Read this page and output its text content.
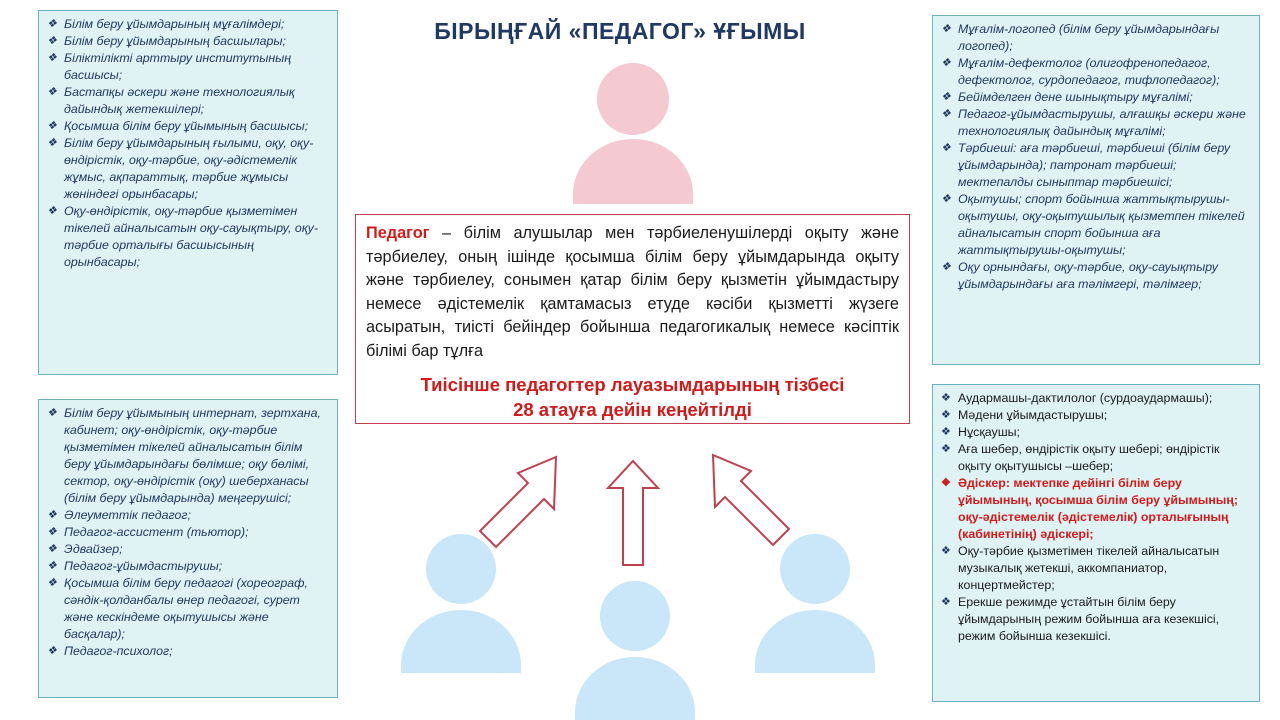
БІРЫҢҒАЙ «ПЕДАГОГ» ҰҒЫМЫ
❖ Білім беру ұйымдарының мұғалімдері;
❖ Білім беру ұйымдарының басшылары;
❖ Біліктілікті арттыру институтының басшысы;
❖ Бастапқы әскери және технологиялық дайындық жетекшілері;
❖ Қосымша білім беру ұйымының басшысы;
❖ Білім беру ұйымдарының ғылыми, оқу, оқу-өндірістік, оқу-тәрбие, оқу-әдістемелік жұмыс, ақпараттық, тәрбие жұмысы жөніндегі орынбасары;
❖ Оқу-өндірістік, оқу-тәрбие қызметімен тікелей айналысатын оқу-сауықтыру, оқу-тәрбие орталығы басшысының орынбасары;
❖ Білім беру ұйымының интернат, зертхана, кабинет; оқу-өндірістік, оқу-тәрбие қызметімен тікелей айналысатын білім беру ұйымдарындағы бөлімше; оқу бөлімі, сектор, оқу-өндірістік (оқу) шеберханасы (білім беру ұйымдарында) меңгерушісі;
❖ Әлеуметтік педагог;
❖ Педагог-ассистент (тьютор);
❖ Эдвайзер;
❖ Педагог-ұйымдастырушы;
❖ Қосымша білім беру педагогі (хореограф, сәндік-қолданбалы өнер педагогі, сурет және кескіндеме оқытушысы және басқалар);
❖ Педагог-психолог;
❖ Мұғалім-логопед (білім беру ұйымдарындағы логопед);
❖ Мұғалім-дефектолог (олигофренопедагог, дефектолог, сурдопедагог, тифлопедагог);
❖ Бейімделген дене шынықтыру мұғалімі;
❖ Педагог-ұйымдастырушы, алғашқы әскери және технологиялық дайындық мұғалімі;
❖ Тәрбиеші: аға тәрбиеші, тәрбиеші (білім беру ұйымдарында); патронат тәрбиеші; мектепалды сыныптар тәрбиешісі;
❖ Оқытушы; спорт бойынша жаттықтырушы-оқытушы, оқу-оқытушылық қызметпен тікелей айналысатын спорт бойынша аға жаттықтырушы-оқытушы;
❖ Оқу орнындағы, оқу-тәрбие, оқу-сауықтыру ұйымдарындағы аға тәлімгері, тәлімгер;
❖ Аудармашы-дактилолог (сурдоаудармашы);
❖ Мәдени ұйымдастырушы;
❖ Нұсқаушы;
❖ Аға шебер, өндірістік оқыту шебері; өндірістік оқыту оқытушысы –шебер;
❖ Әдіскер: мектепке дейінгі білім беру ұйымының, қосымша білім беру ұйымының; оқу-әдістемелік (әдістемелік) орталығының (кабинетінің) әдіскері;
❖ Оқу-тәрбие қызметімен тікелей айналысатын музыкалық жетекші, аккомпаниатор, концертмейстер;
❖ Ерекше режимде ұстайтын білім беру ұйымдарының режим бойынша аға кезекшісі, режим бойынша кезекшісі.
Педагог – білім алушылар мен тәрбиеленушілерді оқыту және тәрбиелеу, оның ішінде қосымша білім беру ұйымдарында оқыту және тәрбиелеу, сонымен қатар білім беру қызметін ұйымдастыру немесе әдістемелік қамтамасыз етуде кәсіби қызметті жүзеге асыратын, тиісті бейіндер бойынша педагогикалық немесе кәсіптік білімі бар тұлға
Тиісінше педагогтер лауазымдарының тізбесі
28 атауға дейін кеңейтілді
